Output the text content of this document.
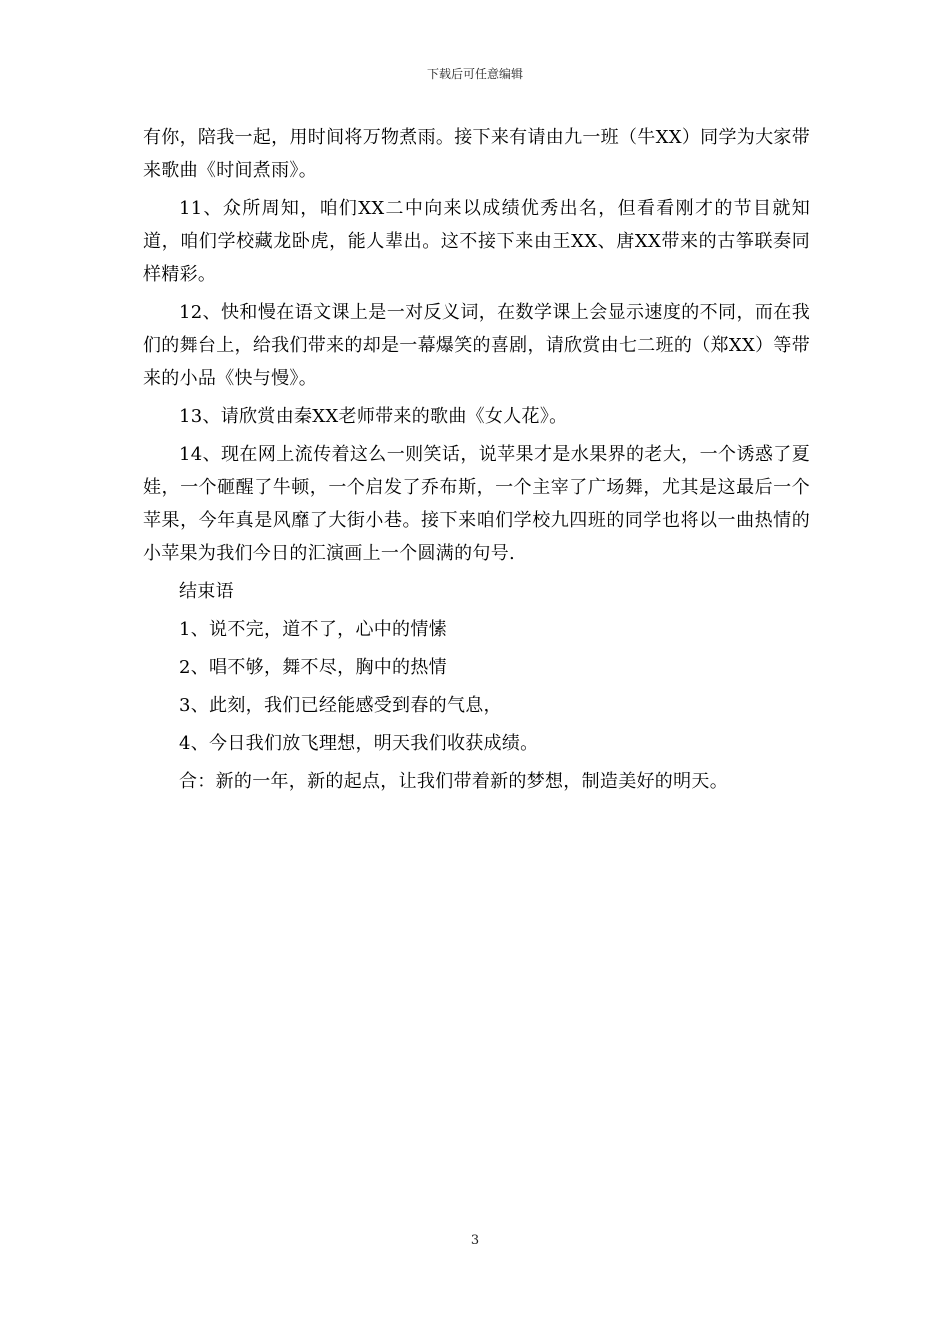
下载后可任意编辑

有你，陪我一起，用时间将万物煮雨。接下来有请由九一班（牛XX）同学为大家带来歌曲《时间煮雨》。

11、众所周知，咱们XX二中向来以成绩优秀出名，但看看刚才的节目就知道，咱们学校藏龙卧虎，能人辈出。这不接下来由王XX、唐XX带来的古筝联奏同样精彩。

12、快和慢在语文课上是一对反义词，在数学课上会显示速度的不同，而在我们的舞台上，给我们带来的却是一幕爆笑的喜剧，请欣赏由七二班的（郑XX）等带来的小品《快与慢》。

13、请欣赏由秦XX老师带来的歌曲《女人花》。

14、现在网上流传着这么一则笑话，说苹果才是水果界的老大，一个诱惑了夏娃，一个砸醒了牛顿，一个启发了乔布斯，一个主宰了广场舞，尤其是这最后一个苹果，今年真是风靡了大街小巷。接下来咱们学校九四班的同学也将以一曲热情的小苹果为我们今日的汇演画上一个圆满的句号.

结束语

1、说不完，道不了，心中的情愫

2、唱不够，舞不尽，胸中的热情

3、此刻，我们已经能感受到春的气息，

4、今日我们放飞理想，明天我们收获成绩。

合：新的一年，新的起点，让我们带着新的梦想，制造美好的明天。

3
